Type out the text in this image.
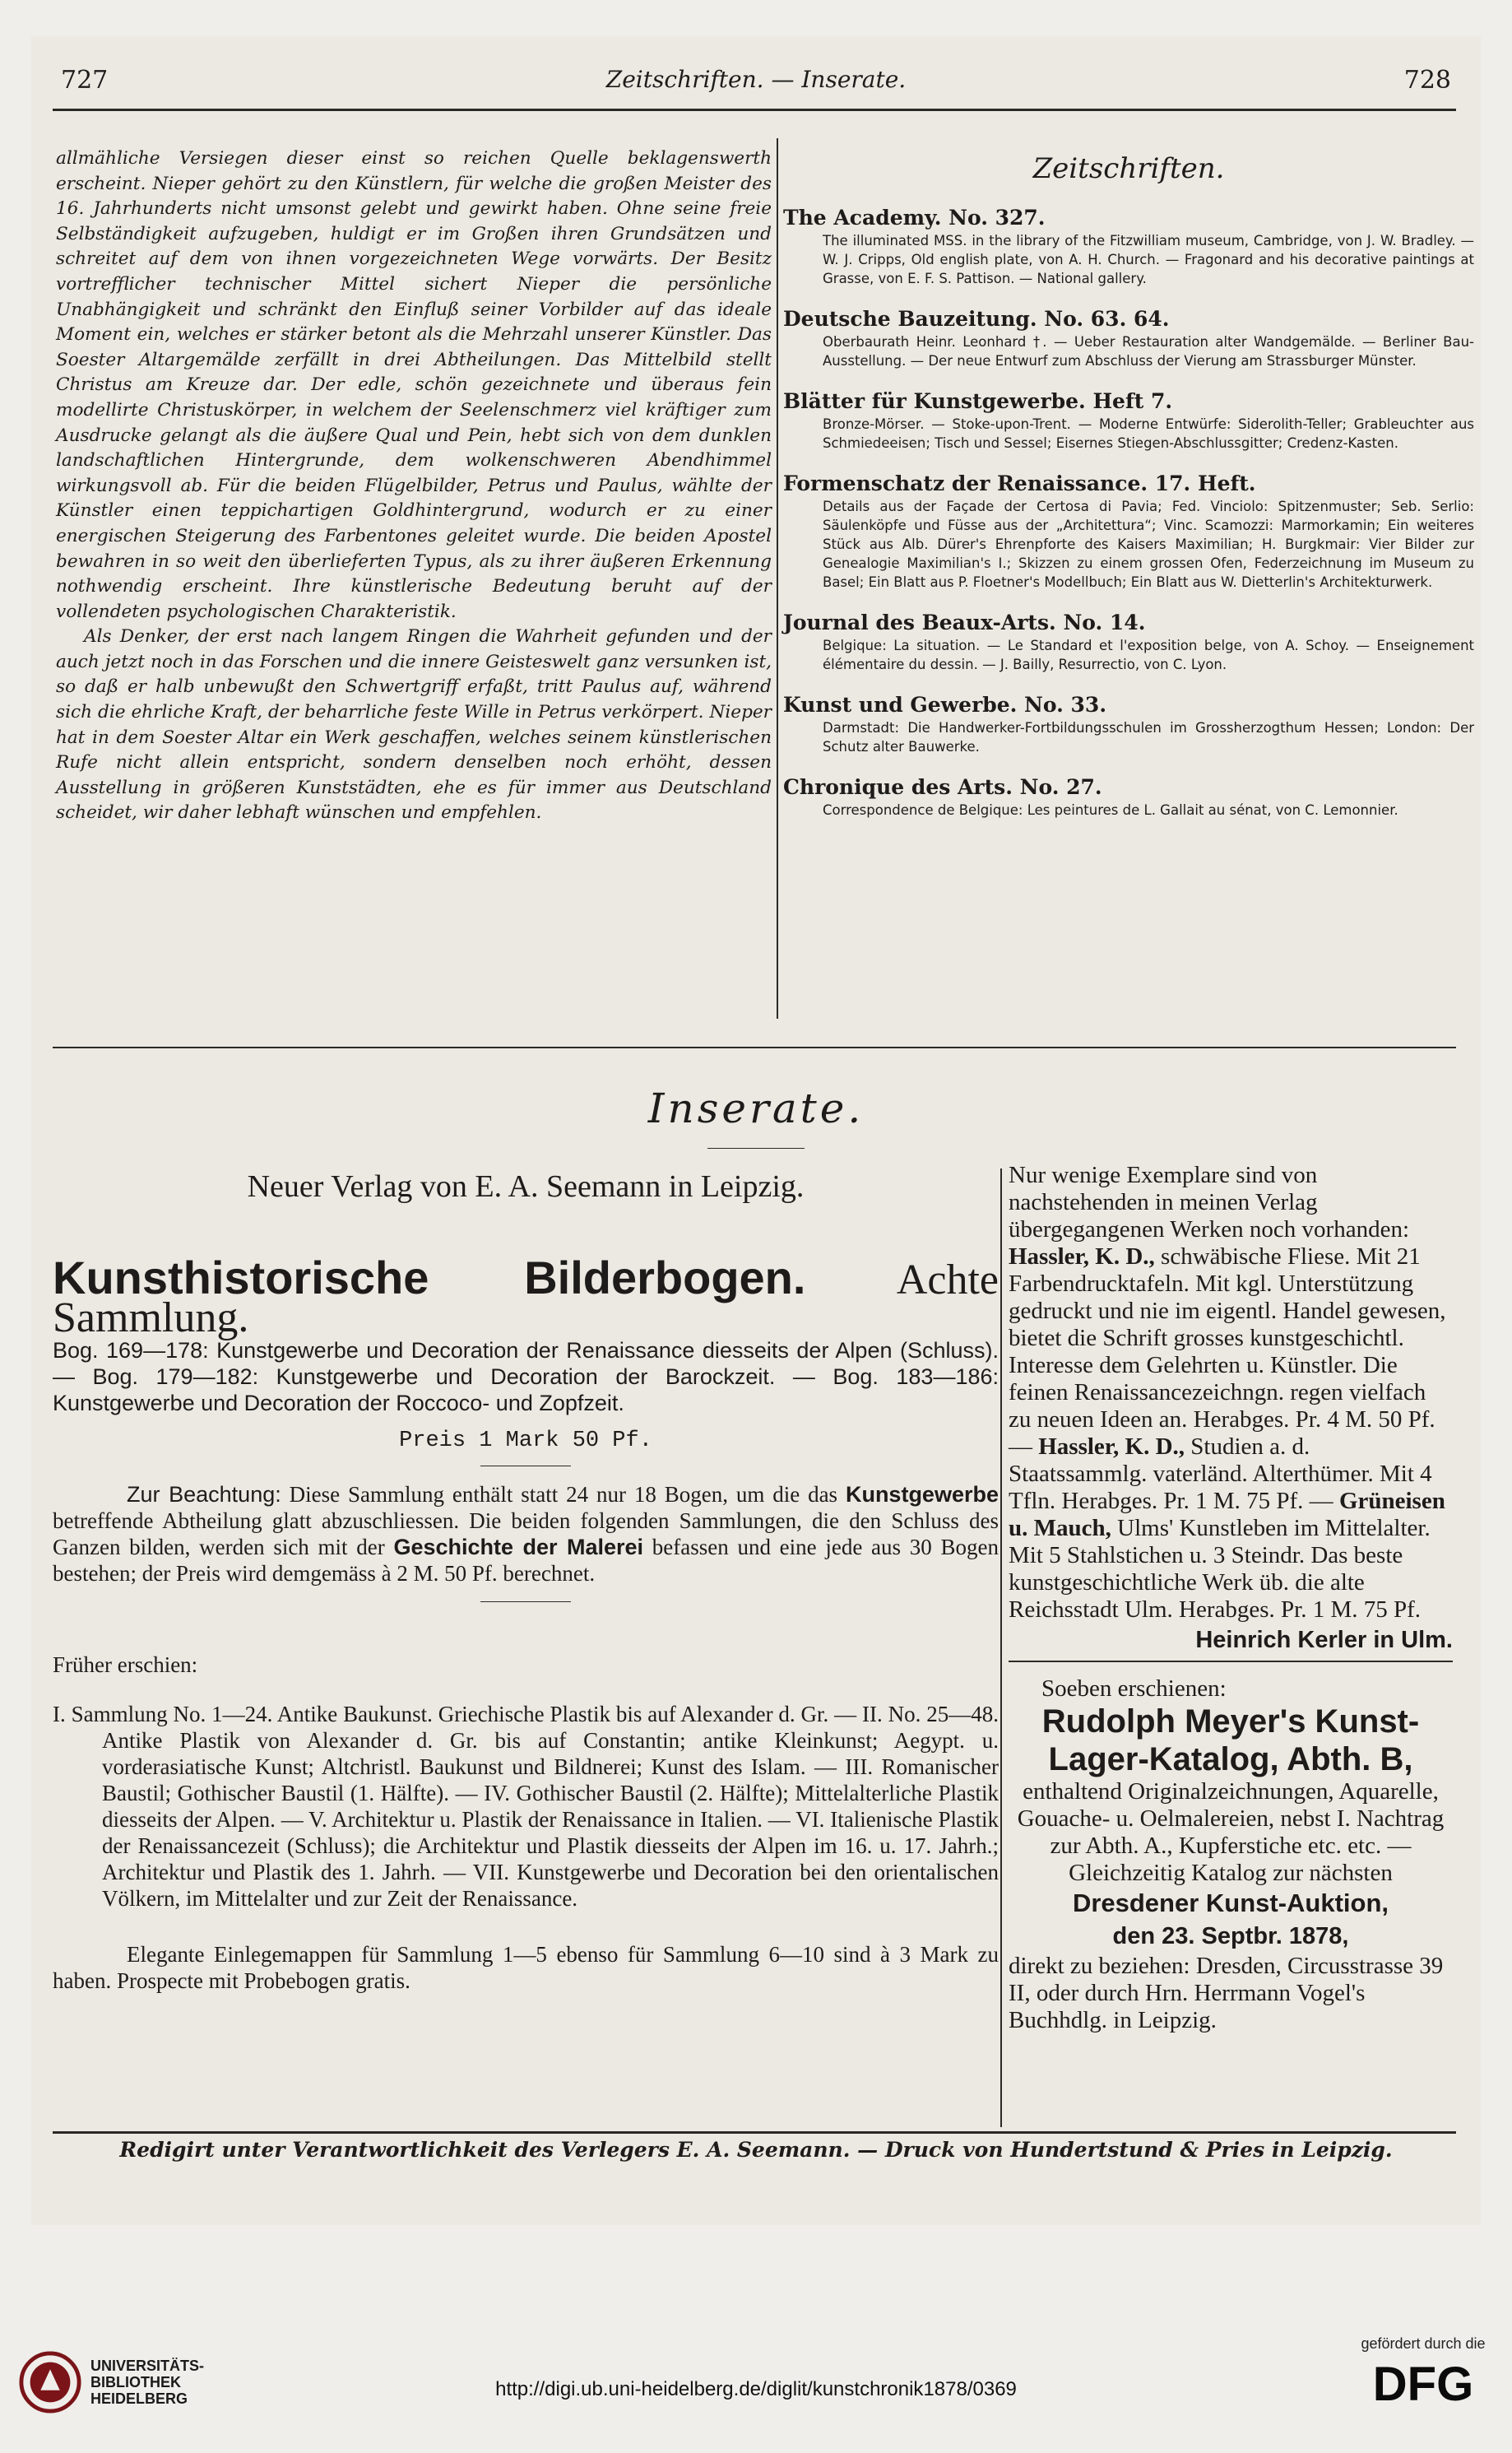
727	Zeitschriften. — Inserate.	728

allmähliche Versiegen dieser einst so reichen Quelle beklagenswerth erscheint. Nieper gehört zu den Künstlern, für welche die großen Meister des 16. Jahrhunderts nicht umsonst gelebt und gewirkt haben. Ohne seine freie Selbständigkeit aufzugeben, huldigt er im Großen ihren Grundsätzen und schreitet auf dem von ihnen vorgezeichneten Wege vorwärts. Der Besitz vortrefflicher technischer Mittel sichert Nieper die persönliche Unabhängigkeit und schränkt den Einfluß seiner Vorbilder auf das ideale Moment ein, welches er stärker betont als die Mehrzahl unserer Künstler. Das Soester Altargemälde zerfällt in drei Abtheilungen. Das Mittelbild stellt Christus am Kreuze dar. Der edle, schön gezeichnete und überaus fein modellirte Christuskörper, in welchem der Seelenschmerz viel kräftiger zum Ausdrucke gelangt als die äußere Qual und Pein, hebt sich von dem dunklen landschaftlichen Hintergrunde, dem wolkenschweren Abendhimmel wirkungsvoll ab. Für die beiden Flügelbilder, Petrus und Paulus, wählte der Künstler einen teppichartigen Goldhintergrund, wodurch er zu einer energischen Steigerung des Farbentones geleitet wurde. Die beiden Apostel bewahren in so weit den überlieferten Typus, als zu ihrer äußeren Erkennung nothwendig erscheint. Ihre künstlerische Bedeutung beruht auf der vollendeten psychologischen Charakteristik.

Als Denker, der erst nach langem Ringen die Wahrheit gefunden und der auch jetzt noch in das Forschen und die innere Geisteswelt ganz versunken ist, so daß er halb unbewußt den Schwertgriff erfaßt, tritt Paulus auf, während sich die ehrliche Kraft, der beharrliche feste Wille in Petrus verkörpert. Nieper hat in dem Soester Altar ein Werk geschaffen, welches seinem künstlerischen Rufe nicht allein entspricht, sondern denselben noch erhöht, dessen Ausstellung in größeren Kunststädten, ehe es für immer aus Deutschland scheidet, wir daher lebhaft wünschen und empfehlen.

Zeitschriften.
The Academy. No. 327.
The illuminated MSS. in the library of the Fitzwilliam museum, Cambridge, von J. W. Bradley. — W. J. Cripps, Old english plate, von A. H. Church. — Fragonard and his decorative paintings at Grasse, von E. F. S. Pattison. — National gallery.
Deutsche Bauzeitung. No. 63. 64.
Oberbaurath Heinr. Leonhard †. — Ueber Restauration alter Wandgemälde. — Berliner Bau-Ausstellung. — Der neue Entwurf zum Abschluss der Vierung am Strassburger Münster.
Blätter für Kunstgewerbe. Heft 7.
Bronze-Mörser. — Stoke-upon-Trent. — Moderne Entwürfe: Siderolith-Teller; Grableuchter aus Schmiedeeisen; Tisch und Sessel; Eisernes Stiegen-Abschlussgitter; Credenz-Kasten.
Formenschatz der Renaissance. 17. Heft.
Details aus der Façade der Certosa di Pavia; Fed. Vinciolo: Spitzenmuster; Seb. Serlio: Säulenköpfe und Füsse aus der „Architettura“; Vinc. Scamozzi: Marmorkamin; Ein weiteres Stück aus Alb. Dürer's Ehrenpforte des Kaisers Maximilian; H. Burgkmair: Vier Bilder zur Genealogie Maximilian's I.; Skizzen zu einem grossen Ofen, Federzeichnung im Museum zu Basel; Ein Blatt aus P. Floetner's Modellbuch; Ein Blatt aus W. Dietterlin's Architekturwerk.
Journal des Beaux-Arts. No. 14.
Belgique: La situation. — Le Standard et l'exposition belge, von A. Schoy. — Enseignement élémentaire du dessin. — J. Bailly, Resurrectio, von C. Lyon.
Kunst und Gewerbe. No. 33.
Darmstadt: Die Handwerker-Fortbildungsschulen im Grossherzogthum Hessen; London: Der Schutz alter Bauwerke.
Chronique des Arts. No. 27.
Correspondence de Belgique: Les peintures de L. Gallait au sénat, von C. Lemonnier.
Inserate.
Neuer Verlag von E. A. Seemann in Leipzig.
Kunsthistorische Bilderbogen. Achte Sammlung.
Bog. 169—178: Kunstgewerbe und Decoration der Renaissance diesseits der Alpen (Schluss). — Bog. 179—182: Kunstgewerbe und Decoration der Barockzeit. — Bog. 183—186: Kunstgewerbe und Decoration der Roccoco- und Zopfzeit.
Preis 1 Mark 50 Pf.
Zur Beachtung: Diese Sammlung enthält statt 24 nur 18 Bogen, um die das Kunstgewerbe betreffende Abtheilung glatt abzuschliessen. Die beiden folgenden Sammlungen, die den Schluss des Ganzen bilden, werden sich mit der Geschichte der Malerei befassen und eine jede aus 30 Bogen bestehen; der Preis wird demgemäss à 2 M. 50 Pf. berechnet.
Früher erschien:
I. Sammlung No. 1—24. Antike Baukunst. Griechische Plastik bis auf Alexander d. Gr. — II. No. 25—48. Antike Plastik von Alexander d. Gr. bis auf Constantin; antike Kleinkunst; Aegypt. u. vorderasiatische Kunst; Altchristl. Baukunst und Bildnerei; Kunst des Islam. — III. Romanischer Baustil; Gothischer Baustil (1. Hälfte). — IV. Gothischer Baustil (2. Hälfte); Mittelalterliche Plastik diesseits der Alpen. — V. Architektur u. Plastik der Renaissance in Italien. — VI. Italienische Plastik der Renaissancezeit (Schluss); die Architektur und Plastik diesseits der Alpen im 16. u. 17. Jahrh.; Architektur und Plastik des 1. Jahrh. — VII. Kunstgewerbe und Decoration bei den orientalischen Völkern, im Mittelalter und zur Zeit der Renaissance.
Elegante Einlegemappen für Sammlung 1—5 ebenso für Sammlung 6—10 sind à 3 Mark zu haben. Prospecte mit Probebogen gratis.

Nur wenige Exemplare sind von nachstehenden in meinen Verlag übergegangenen Werken noch vorhanden:

Hassler, K. D., schwäbische Fliese. Mit 21 Farbendrucktafeln. Mit kgl. Unterstützung gedruckt und nie im eigentl. Handel gewesen, bietet die Schrift grosses kunstgeschichtl. Interesse dem Gelehrten u. Künstler. Die feinen Renaissancezeichngn. regen vielfach zu neuen Ideen an. Herabges. Pr. 4 M. 50 Pf. — Hassler, K. D., Studien a. d. Staatssammlg. vaterländ. Alterthümer. Mit 4 Tfln. Herabges. Pr. 1 M. 75 Pf. — Grüneisen u. Mauch, Ulms' Kunstleben im Mittelalter. Mit 5 Stahlstichen u. 3 Steindr. Das beste kunstgeschichtliche Werk üb. die alte Reichsstadt Ulm. Herabges. Pr. 1 M. 75 Pf.

Heinrich Kerler in Ulm.

Soeben erschienen:

Rudolph Meyer's Kunst-Lager-Katalog, Abth. B,

enthaltend Originalzeichnungen, Aquarelle, Gouache- u. Oelmalereien, nebst I. Nachtrag zur Abth. A., Kupferstiche etc. etc. — Gleichzeitig Katalog zur nächsten

Dresdener Kunst-Auktion,

den 23. Septbr. 1878,

direkt zu beziehen: Dresden, Circusstrasse 39 II, oder durch Hrn. Herrmann Vogel's Buchhdlg. in Leipzig.

Redigirt unter Verantwortlichkeit des Verlegers E. A. Seemann. — Druck von Hundertstund & Pries in Leipzig.
UNIVERSITÄTS-
BIBLIOTHEK
HEIDELBERG	http://digi.ub.uni-heidelberg.de/diglit/kunstchronik1878/0369
gefördert durch die
DFG
